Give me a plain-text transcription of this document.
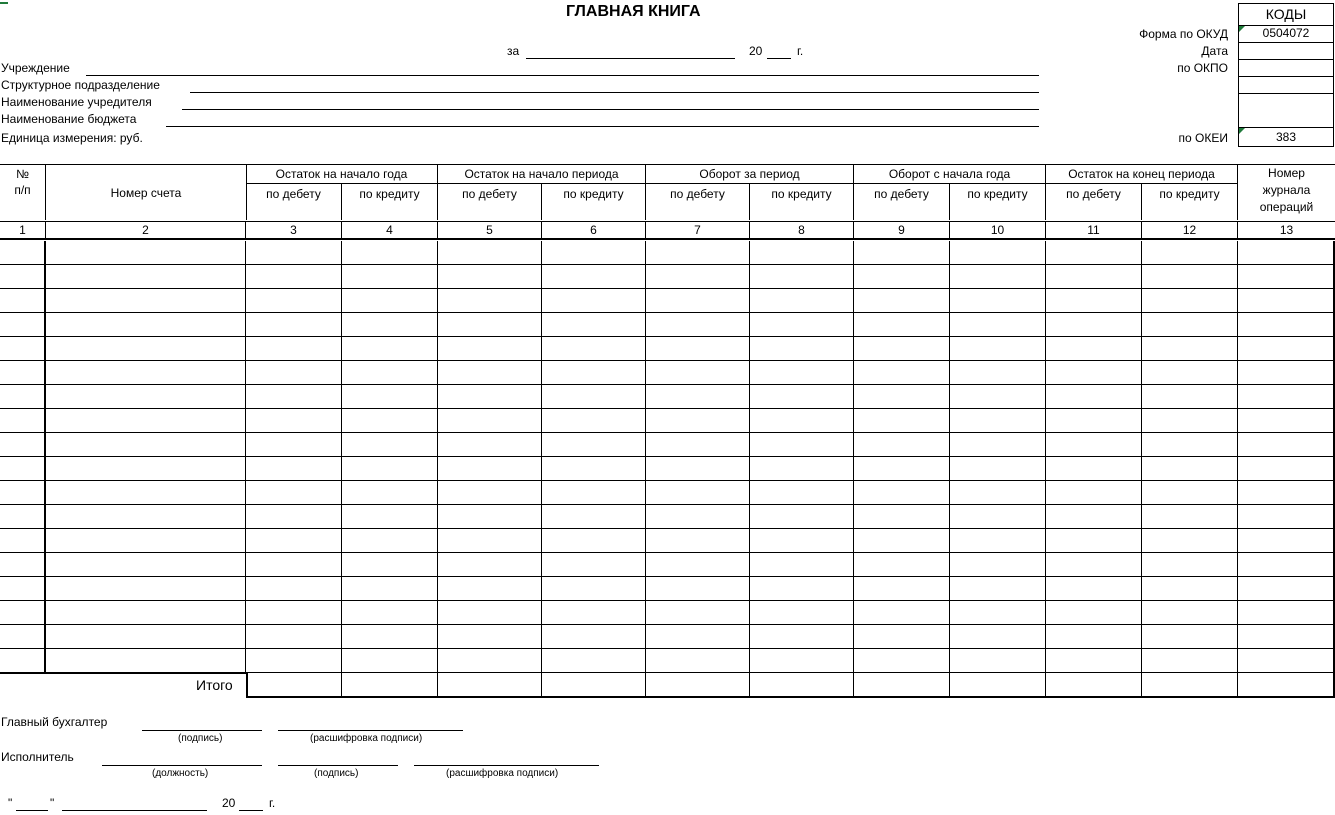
ГЛАВНАЯ КНИГА
за	20	г.
Учреждение
Структурное подразделение
Наименование учредителя
Наименование бюджета
Единица измерения: руб.
КОДЫ
Форма по ОКУД	0504072
Дата
по ОКПО
по ОКЕИ	383
№ п/п	Номер счета
Остаток на начало года
по дебету	по кредиту
Остаток на начало периода
по дебету	по кредиту
Оборот за период
по дебету	по кредиту
Оборот с начала года
по дебету	по кредиту
Остаток на конец периода
по дебету	по кредиту
Номер журнала операций
1	2	3	4	5	6	7	8	9	10	11	12	13
Итого
Главный бухгалтер
(подпись)	(расшифровка подписи)
Исполнитель
(должность)	(подпись)	(расшифровка подписи)
"	"	20	г.
